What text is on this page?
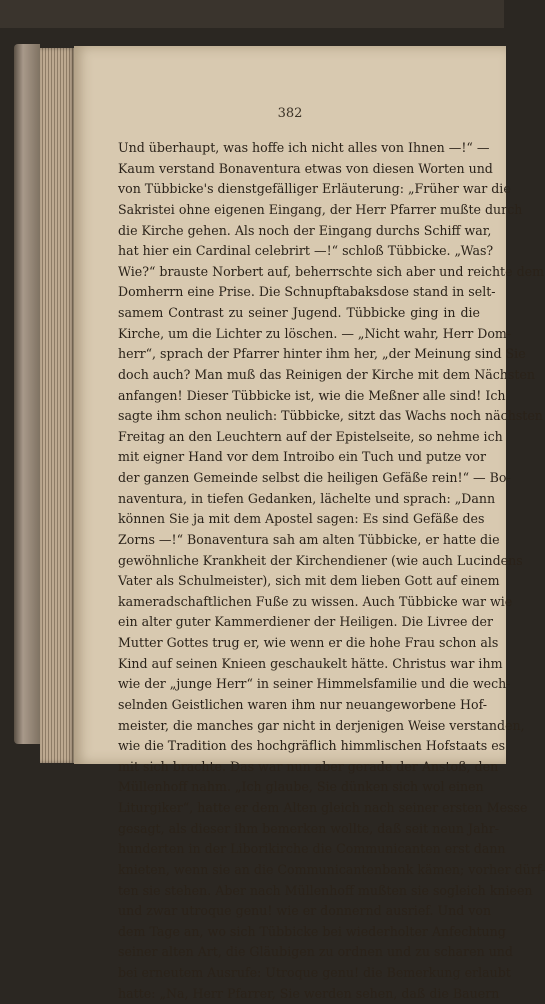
382
Und überhaupt, was hoffe ich nicht alles von Ihnen —!“ —
Kaum verstand Bonaventura etwas von diesen Worten und
von Tübbicke's dienstgefälliger Erläuterung: „Früher war die
Sakristei ohne eigenen Eingang, der Herr Pfarrer mußte durch
die Kirche gehen. Als noch der Eingang durchs Schiff war,
hat hier ein Cardinal celebrirt —!“ schloß Tübbicke. „Was?
Wie?“ brauste Norbert auf, beherrschte sich aber und reichte dem
Domherrn eine Prise. Die Schnupftabaksdose stand in selt-
samem Contrast zu seiner Jugend. Tübbicke ging in die
Kirche, um die Lichter zu löschen. — „Nicht wahr, Herr Dom-
herr“, sprach der Pfarrer hinter ihm her, „der Meinung sind Sie
doch auch? Man muß das Reinigen der Kirche mit dem Nächsten
anfangen! Dieser Tübbicke ist, wie die Meßner alle sind! Ich
sagte ihm schon neulich: Tübbicke, sitzt das Wachs noch nächsten
Freitag an den Leuchtern auf der Epistelseite, so nehme ich
mit eigner Hand vor dem Introibo ein Tuch und putze vor
der ganzen Gemeinde selbst die heiligen Gefäße rein!“ — Bo-
naventura, in tiefen Gedanken, lächelte und sprach: „Dann
können Sie ja mit dem Apostel sagen: Es sind Gefäße des
Zorns —!“ Bonaventura sah am alten Tübbicke, er hatte die
gewöhnliche Krankheit der Kirchendiener (wie auch Lucindens
Vater als Schulmeister), sich mit dem lieben Gott auf einem
kameradschaftlichen Fuße zu wissen. Auch Tübbicke war wie
ein alter guter Kammerdiener der Heiligen. Die Livree der
Mutter Gottes trug er, wie wenn er die hohe Frau schon als
Kind auf seinen Knieen geschaukelt hätte. Christus war ihm
wie der „junge Herr“ in seiner Himmelsfamilie und die wech-
selnden Geistlichen waren ihm nur neuangeworbene Hof-
meister, die manches gar nicht in derjenigen Weise verstanden,
wie die Tradition des hochgräflich himmlischen Hofstaats es
mit sich brachte. Das war nun aber gerade der Anstoß, den
Müllenhoff nahm. „Ich glaube, Sie dünken sich wol einen
Liturgiker“, hatte er dem Alten gleich nach seiner ersten Messe
gesagt, als dieser ihm bemerken wollte, daß seit neun Jahr-
hunderten in der Liborikirche die Communicanten erst dann
knieten, wenn sie an die Communicantenbank kämen; vorher dürf-
ten sie stehen. Aber nach Müllenhoff mußten sie sogleich knieen
und zwar utroque genu! wie er donnernd ausrief. Und von
dem Tage an, wo sich Tübbicke bei wiederholter Anfechtung
seiner alten Art, die Gläubigen zu ordnen und zu scharen und
bei erneutem Ausrufe: Utroque genu! die Bemerkung erlaubt
hatte: „Na, Herr Pfarrer, Sie werden sehen, daß die Bauern
